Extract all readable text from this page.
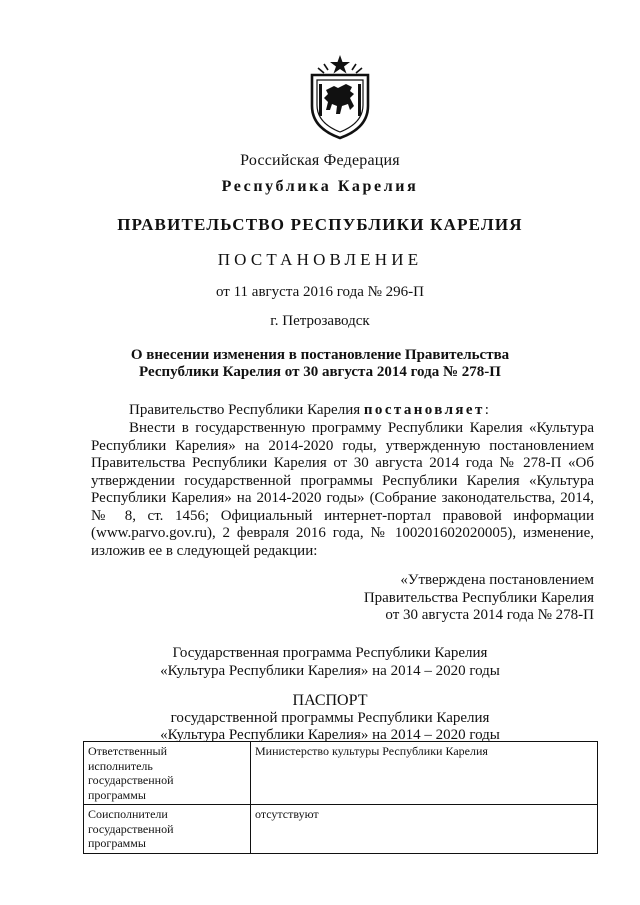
Российская Федерация
Республика Карелия
ПРАВИТЕЛЬСТВО РЕСПУБЛИКИ КАРЕЛИЯ
ПОСТАНОВЛЕНИЕ
от 11 августа 2016 года № 296-П
г. Петрозаводск
О внесении изменения в постановление Правительства
Республики Карелия от 30 августа 2014 года № 278-П
Правительство Республики Карелия постановляет:
Внести в государственную программу Республики Карелия «Культура Республики Карелия» на 2014-2020 годы, утвержденную постановлением Правительства Республики Карелия от 30 августа 2014 года № 278-П «Об утверждении государственной программы Республики Карелия «Культура Республики Карелия» на 2014-2020 годы» (Собрание законодательства, 2014, № 8, ст. 1456; Официальный интернет-портал правовой информации (www.parvo.gov.ru), 2 февраля 2016 года, № 100201602020005), изменение, изложив ее в следующей редакции:
«Утверждена постановлением
Правительства Республики Карелия
от 30 августа 2014 года № 278-П
Государственная программа Республики Карелия
«Культура Республики Карелия» на 2014 – 2020 годы
ПАСПОРТ
государственной программы Республики Карелия
«Культура Республики Карелия» на 2014 – 2020 годы
Ответственный
исполнитель
государственной
программы	Министерство культуры Республики Карелия

Соисполнители
государственной
программы	отсутствуют
